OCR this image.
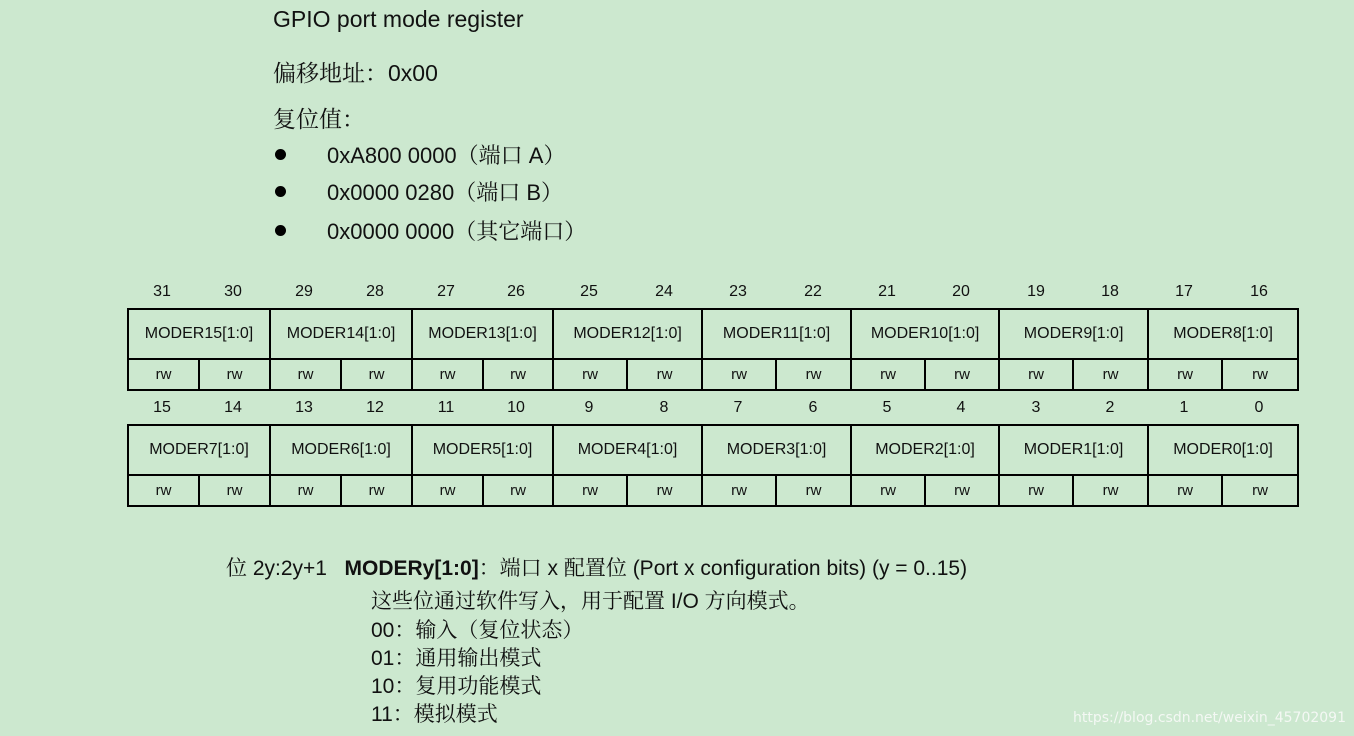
GPIO port mode register
偏移地址：0x00
复位值：
0xA800 0000（端口 A）
0x0000 0280（端口 B）
0x0000 0000（其它端口）
31	30	29	28	27	26	25	24	23	22	21	20	19	18	17	16
MODER15[1:0]		MODER14[1:0]		MODER13[1:0]		MODER12[1:0]		MODER11[1:0]		MODER10[1:0]		MODER9[1:0]		MODER8[1:0]	
rw	rw	rw	rw	rw	rw	rw	rw	rw	rw	rw	rw	rw	rw	rw	rw
15	14	13	12	11	10	9	8	7	6	5	4	3	2	1	0
MODER7[1:0]		MODER6[1:0]		MODER5[1:0]		MODER4[1:0]		MODER3[1:0]		MODER2[1:0]		MODER1[1:0]		MODER0[1:0]	
rw	rw	rw	rw	rw	rw	rw	rw	rw	rw	rw	rw	rw	rw	rw	rw
位 2y:2y+1 MODERy[1:0]：端口 x 配置位 (Port x configuration bits) (y = 0..15)
这些位通过软件写入，用于配置 I/O 方向模式。
00：输入（复位状态）
01：通用输出模式
10：复用功能模式
11：模拟模式	https://blog.csdn.net/weixin_45702091
